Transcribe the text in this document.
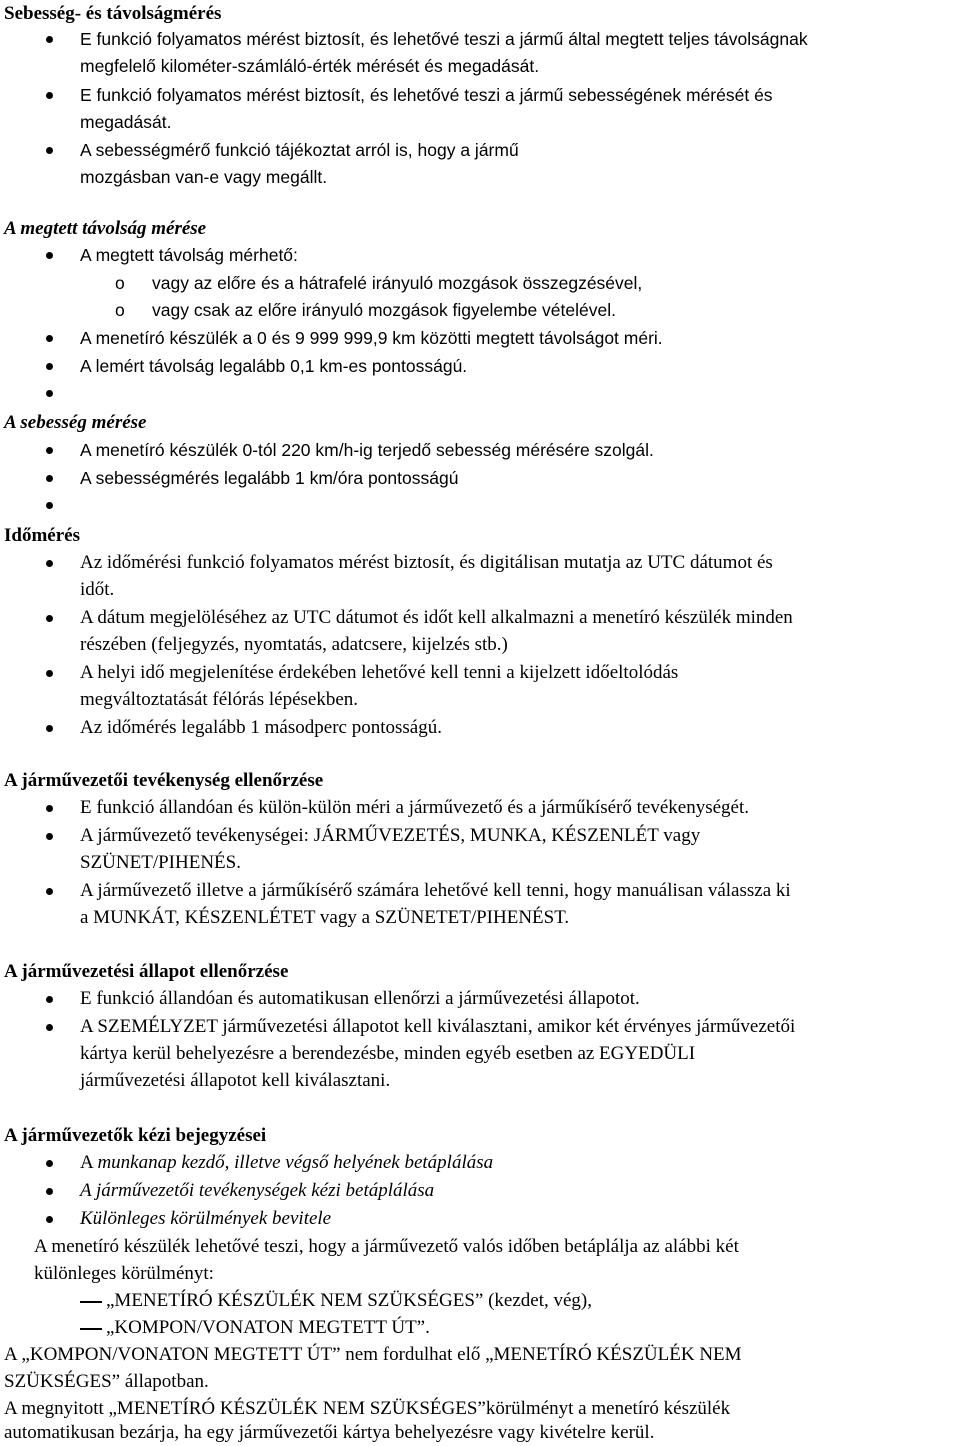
Sebesség- és távolságmérés
E funkció folyamatos mérést biztosít, és lehetővé teszi a jármű által megtett teljes távolságnak
megfelelő kilométer-számláló-érték mérését és megadását.
E funkció folyamatos mérést biztosít, és lehetővé teszi a jármű sebességének mérését és
megadását.
A sebességmérő funkció tájékoztat arról is, hogy a jármű
mozgásban van-e vagy megállt.
A megtett távolság mérése
A megtett távolság mérhető:
o vagy az előre és a hátrafelé irányuló mozgások összegzésével,
o vagy csak az előre irányuló mozgások figyelembe vételével.
A menetíró készülék a 0 és 9 999 999,9 km közötti megtett távolságot méri.
A lemért távolság legalább 0,1 km-es pontosságú.
A sebesség mérése
A menetíró készülék 0-tól 220 km/h-ig terjedő sebesség mérésére szolgál.
A sebességmérés legalább 1 km/óra pontosságú
Időmérés
Az időmérési funkció folyamatos mérést biztosít, és digitálisan mutatja az UTC dátumot és
időt.
A dátum megjelöléséhez az UTC dátumot és időt kell alkalmazni a menetíró készülék minden
részében (feljegyzés, nyomtatás, adatcsere, kijelzés stb.)
A helyi idő megjelenítése érdekében lehetővé kell tenni a kijelzett időeltolódás
megváltoztatását félórás lépésekben.
Az időmérés legalább 1 másodperc pontosságú.
A járművezetői tevékenység ellenőrzése
E funkció állandóan és külön-külön méri a járművezető és a járműkísérő tevékenységét.
A járművezető tevékenységei: JÁRMŰVEZETÉS, MUNKA, KÉSZENLÉT vagy
SZÜNET/PIHENÉS.
A járművezető illetve a járműkísérő számára lehetővé kell tenni, hogy manuálisan válassza ki
a MUNKÁT, KÉSZENLÉTET vagy a SZÜNETET/PIHENÉST.
A járművezetési állapot ellenőrzése
E funkció állandóan és automatikusan ellenőrzi a járművezetési állapotot.
A SZEMÉLYZET járművezetési állapotot kell kiválasztani, amikor két érvényes járművezetői
kártya kerül behelyezésre a berendezésbe, minden egyéb esetben az EGYEDÜLI
járművezetési állapotot kell kiválasztani.
A járművezetők kézi bejegyzései
A munkanap kezdő, illetve végső helyének betáplálása
A járművezetői tevékenységek kézi betáplálása
Különleges körülmények bevitele
A menetíró készülék lehetővé teszi, hogy a járművezető valós időben betáplálja az alábbi két
különleges körülményt:
„MENETÍRÓ KÉSZÜLÉK NEM SZÜKSÉGES” (kezdet, vég),
„KOMPON/VONATON MEGTETT ÚT”.
A „KOMPON/VONATON MEGTETT ÚT” nem fordulhat elő „MENETÍRÓ KÉSZÜLÉK NEM
SZÜKSÉGES” állapotban.
A megnyitott „MENETÍRÓ KÉSZÜLÉK NEM SZÜKSÉGES”körülményt a menetíró készülék
automatikusan bezárja, ha egy járművezetői kártya behelyezésre vagy kivételre kerül.
